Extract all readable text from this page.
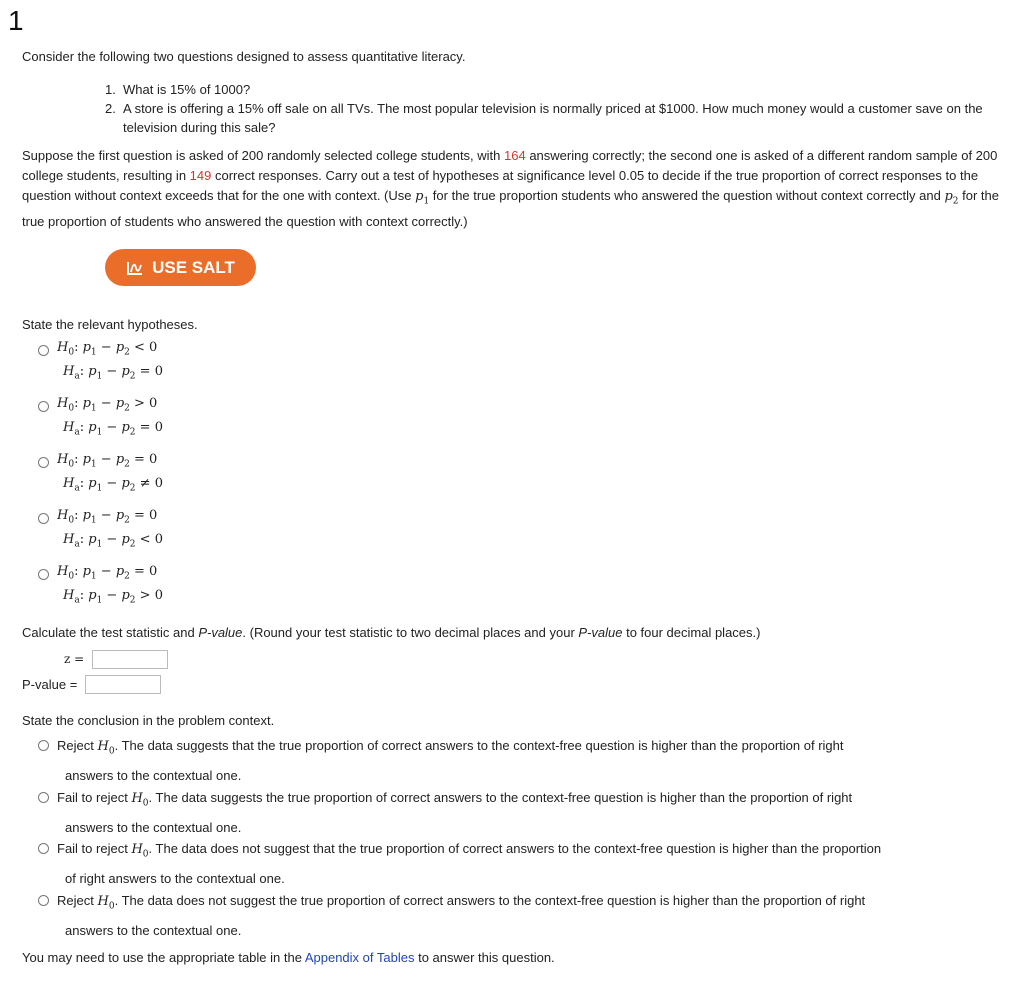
1
Consider the following two questions designed to assess quantitative literacy.
1. What is 15% of 1000?
2. A store is offering a 15% off sale on all TVs. The most popular television is normally priced at $1000. How much money would a customer save on the television during this sale?
Suppose the first question is asked of 200 randomly selected college students, with 164 answering correctly; the second one is asked of a different random sample of 200 college students, resulting in 149 correct responses. Carry out a test of hypotheses at significance level 0.05 to decide if the true proportion of correct responses to the question without context exceeds that for the one with context. (Use $p_1$ for the true proportion students who answered the question without context correctly and $p_2$ for the true proportion of students who answered the question with context correctly.)
USE SALT
State the relevant hypotheses.
$H_0$: $p_1 - p_2 < 0$
$H_a$: $p_1 - p_2 = 0$
$H_0$: $p_1 - p_2 > 0$
$H_a$: $p_1 - p_2 = 0$
$H_0$: $p_1 - p_2 = 0$
$H_a$: $p_1 - p_2 \ne 0$
$H_0$: $p_1 - p_2 = 0$
$H_a$: $p_1 - p_2 < 0$
$H_0$: $p_1 - p_2 = 0$
$H_a$: $p_1 - p_2 > 0$
Calculate the test statistic and P-value. (Round your test statistic to two decimal places and your P-value to four decimal places.)
z =
P-value =
State the conclusion in the problem context.
Reject $H_0$. The data suggests that the true proportion of correct answers to the context-free question is higher than the proportion of right
answers to the contextual one.
Fail to reject $H_0$. The data suggests the true proportion of correct answers to the context-free question is higher than the proportion of right
answers to the contextual one.
Fail to reject $H_0$. The data does not suggest that the true proportion of correct answers to the context-free question is higher than the proportion
of right answers to the contextual one.
Reject $H_0$. The data does not suggest the true proportion of correct answers to the context-free question is higher than the proportion of right
answers to the contextual one.
You may need to use the appropriate table in the Appendix of Tables to answer this question.
